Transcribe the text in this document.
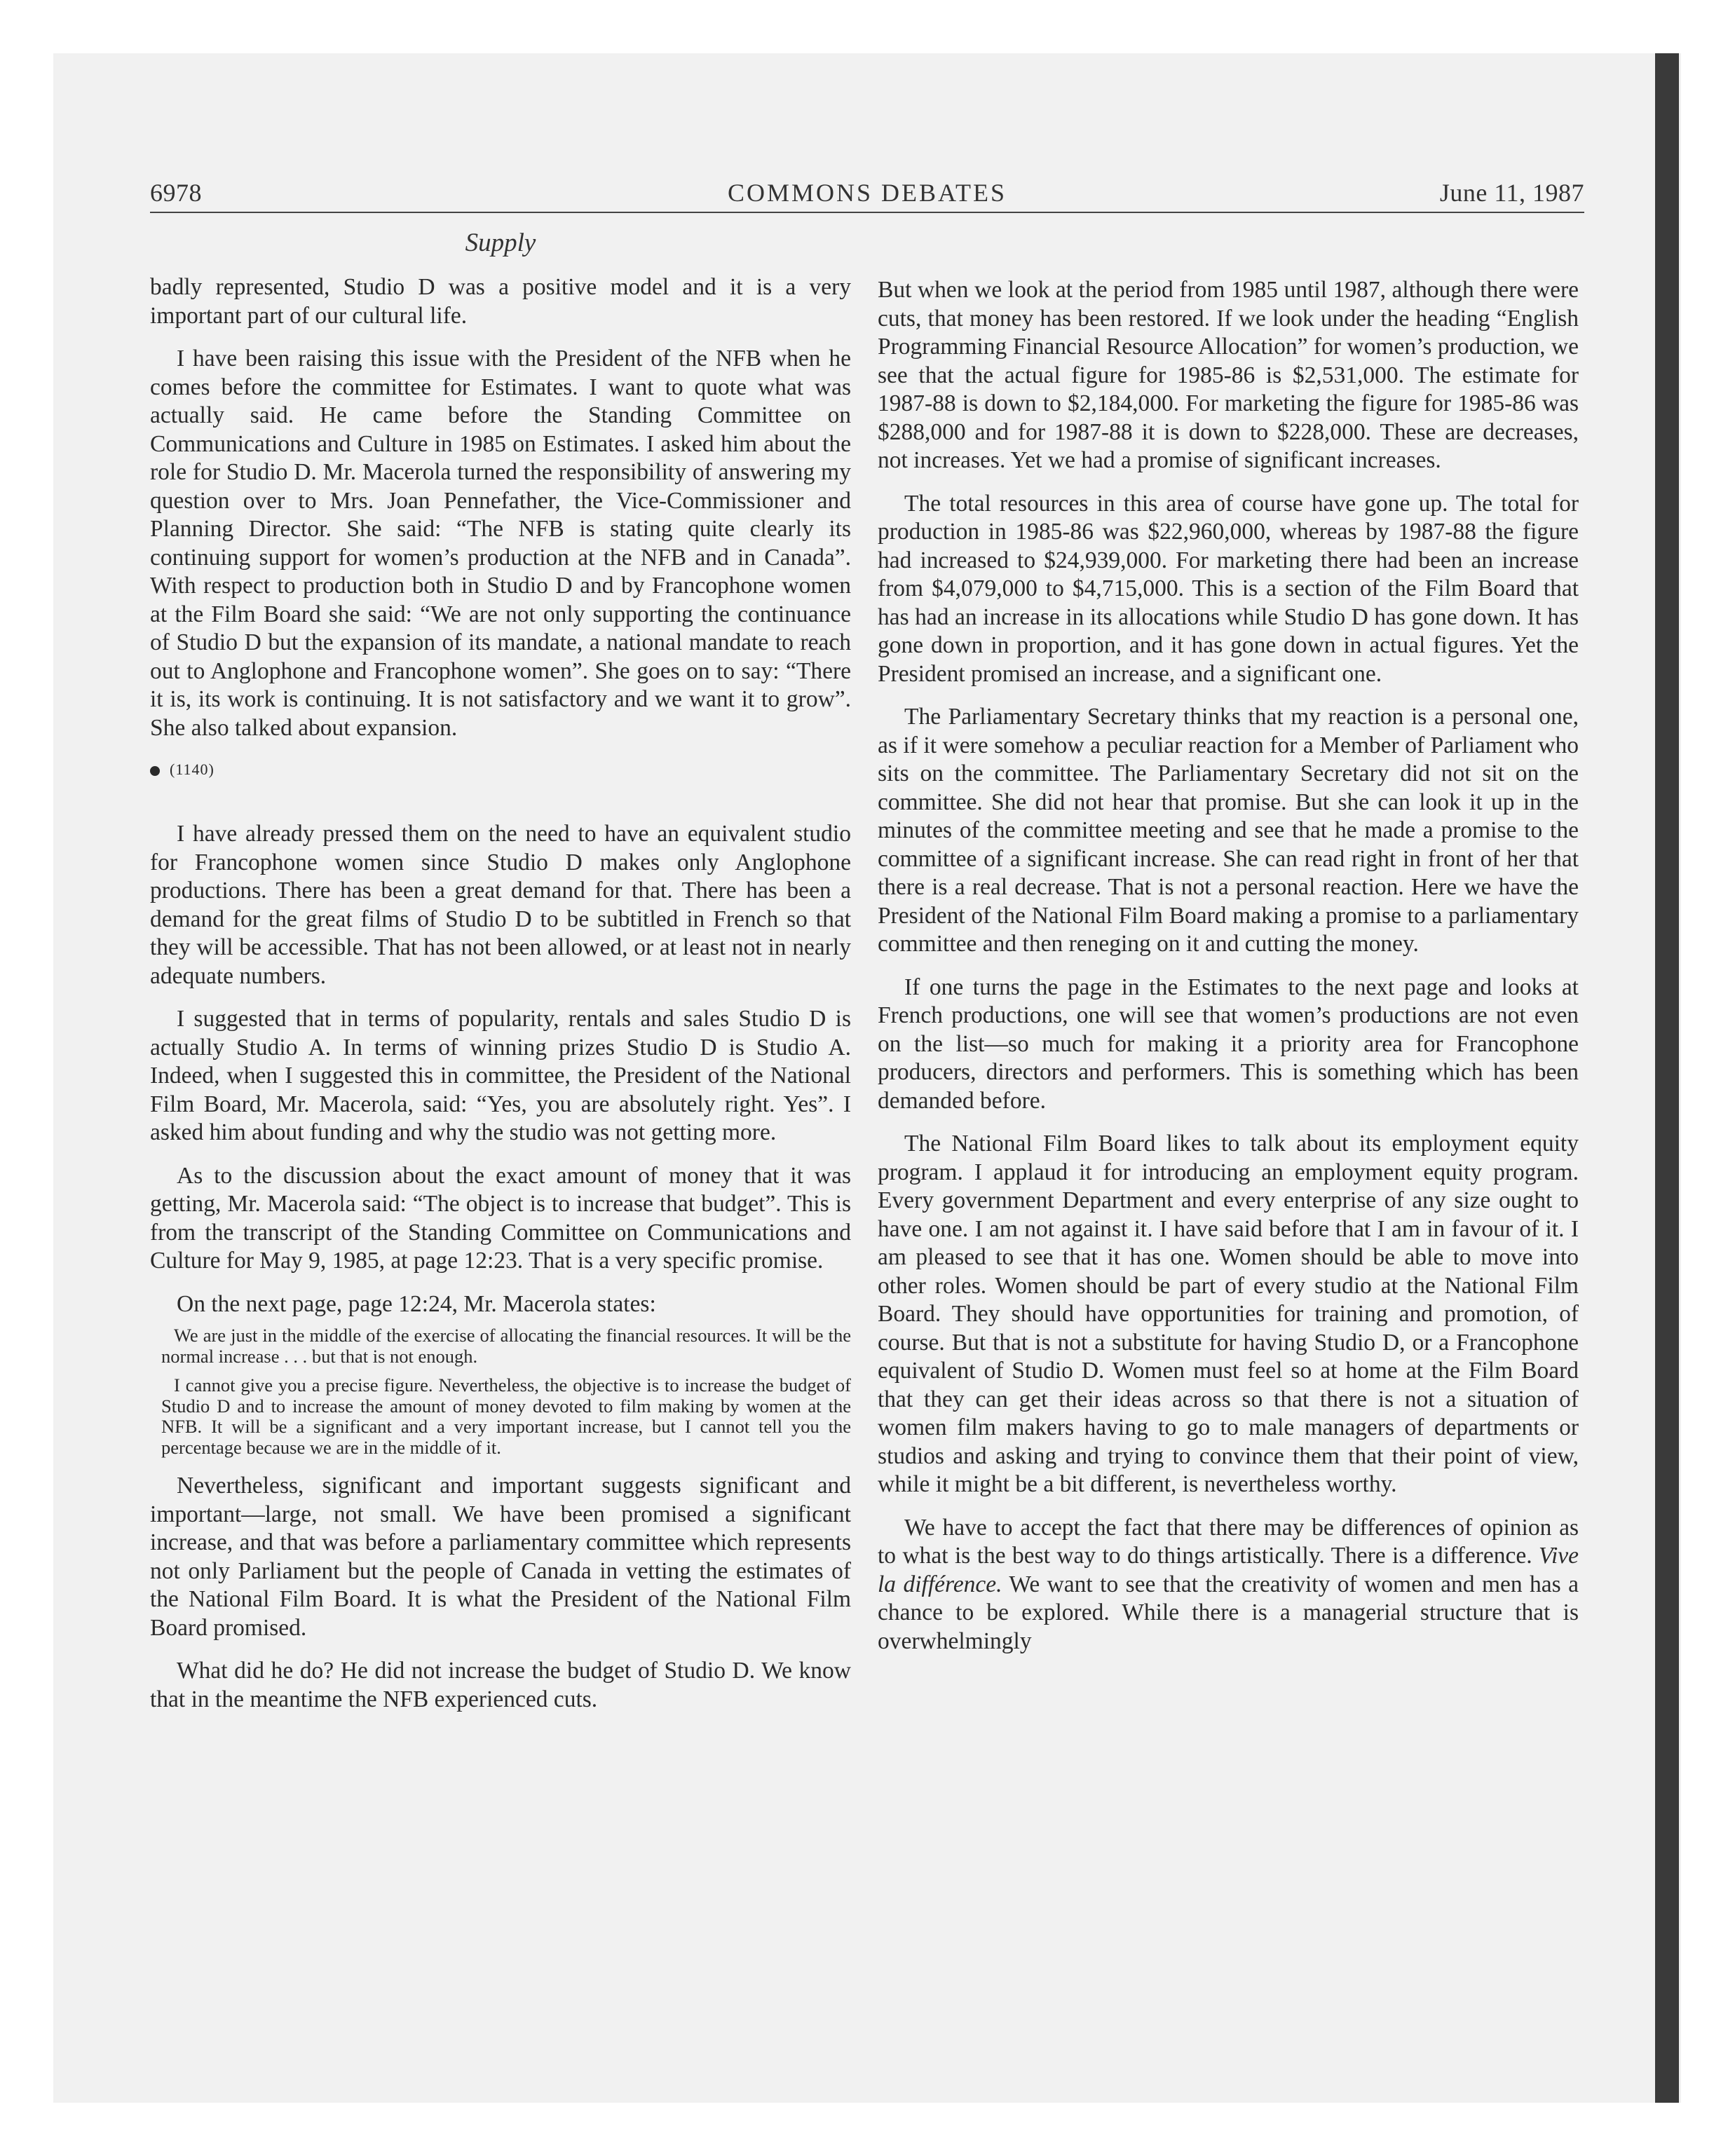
6978	COMMONS DEBATES	June 11, 1987
Supply

badly represented, Studio D was a positive model and it is a very important part of our cultural life.

I have been raising this issue with the President of the NFB when he comes before the committee for Estimates. I want to quote what was actually said. He came before the Standing Committee on Communications and Culture in 1985 on Estimates. I asked him about the role for Studio D. Mr. Macerola turned the responsibility of answering my question over to Mrs. Joan Pennefather, the Vice-Commissioner and Planning Director. She said: “The NFB is stating quite clearly its continuing support for women’s production at the NFB and in Canada”. With respect to production both in Studio D and by Francophone women at the Film Board she said: “We are not only supporting the continuance of Studio D but the expansion of its mandate, a national mandate to reach out to Anglophone and Francophone women”. She goes on to say: “There it is, its work is continuing. It is not satisfactory and we want it to grow”. She also talked about expansion.

(1140)

I have already pressed them on the need to have an equivalent studio for Francophone women since Studio D makes only Anglophone productions. There has been a great demand for that. There has been a demand for the great films of Studio D to be subtitled in French so that they will be accessible. That has not been allowed, or at least not in nearly adequate numbers.

I suggested that in terms of popularity, rentals and sales Studio D is actually Studio A. In terms of winning prizes Studio D is Studio A. Indeed, when I suggested this in committee, the President of the National Film Board, Mr. Macerola, said: “Yes, you are absolutely right. Yes”. I asked him about funding and why the studio was not getting more.

As to the discussion about the exact amount of money that it was getting, Mr. Macerola said: “The object is to increase that budget”. This is from the transcript of the Standing Committee on Communications and Culture for May 9, 1985, at page 12:23. That is a very specific promise.

On the next page, page 12:24, Mr. Macerola states:

We are just in the middle of the exercise of allocating the financial resources. It will be the normal increase . . . but that is not enough.

I cannot give you a precise figure. Nevertheless, the objective is to increase the budget of Studio D and to increase the amount of money devoted to film making by women at the NFB. It will be a significant and a very important increase, but I cannot tell you the percentage because we are in the middle of it.

Nevertheless, significant and important suggests significant and important—large, not small. We have been promised a significant increase, and that was before a parliamentary committee which represents not only Parliament but the people of Canada in vetting the estimates of the National Film Board. It is what the President of the National Film Board promised.

What did he do? He did not increase the budget of Studio D. We know that in the meantime the NFB experienced cuts.

But when we look at the period from 1985 until 1987, although there were cuts, that money has been restored. If we look under the heading “English Programming Financial Resource Allocation” for women’s production, we see that the actual figure for 1985-86 is $2,531,000. The estimate for 1987-88 is down to $2,184,000. For marketing the figure for 1985-86 was $288,000 and for 1987-88 it is down to $228,000. These are decreases, not increases. Yet we had a promise of significant increases.

The total resources in this area of course have gone up. The total for production in 1985-86 was $22,960,000, whereas by 1987-88 the figure had increased to $24,939,000. For marketing there had been an increase from $4,079,000 to $4,715,000. This is a section of the Film Board that has had an increase in its allocations while Studio D has gone down. It has gone down in proportion, and it has gone down in actual figures. Yet the President promised an increase, and a significant one.

The Parliamentary Secretary thinks that my reaction is a personal one, as if it were somehow a peculiar reaction for a Member of Parliament who sits on the committee. The Parliamentary Secretary did not sit on the committee. She did not hear that promise. But she can look it up in the minutes of the committee meeting and see that he made a promise to the committee of a significant increase. She can read right in front of her that there is a real decrease. That is not a personal reaction. Here we have the President of the National Film Board making a promise to a parliamentary committee and then reneging on it and cutting the money.

If one turns the page in the Estimates to the next page and looks at French productions, one will see that women’s productions are not even on the list—so much for making it a priority area for Francophone producers, directors and performers. This is something which has been demanded before.

The National Film Board likes to talk about its employment equity program. I applaud it for introducing an employment equity program. Every government Department and every enterprise of any size ought to have one. I am not against it. I have said before that I am in favour of it. I am pleased to see that it has one. Women should be able to move into other roles. Women should be part of every studio at the National Film Board. They should have opportunities for training and promotion, of course. But that is not a substitute for having Studio D, or a Francophone equivalent of Studio D. Women must feel so at home at the Film Board that they can get their ideas across so that there is not a situation of women film makers having to go to male managers of departments or studios and asking and trying to convince them that their point of view, while it might be a bit different, is nevertheless worthy.

We have to accept the fact that there may be differences of opinion as to what is the best way to do things artistically. There is a difference. Vive la différence. We want to see that the creativity of women and men has a chance to be explored. While there is a managerial structure that is overwhelmingly
